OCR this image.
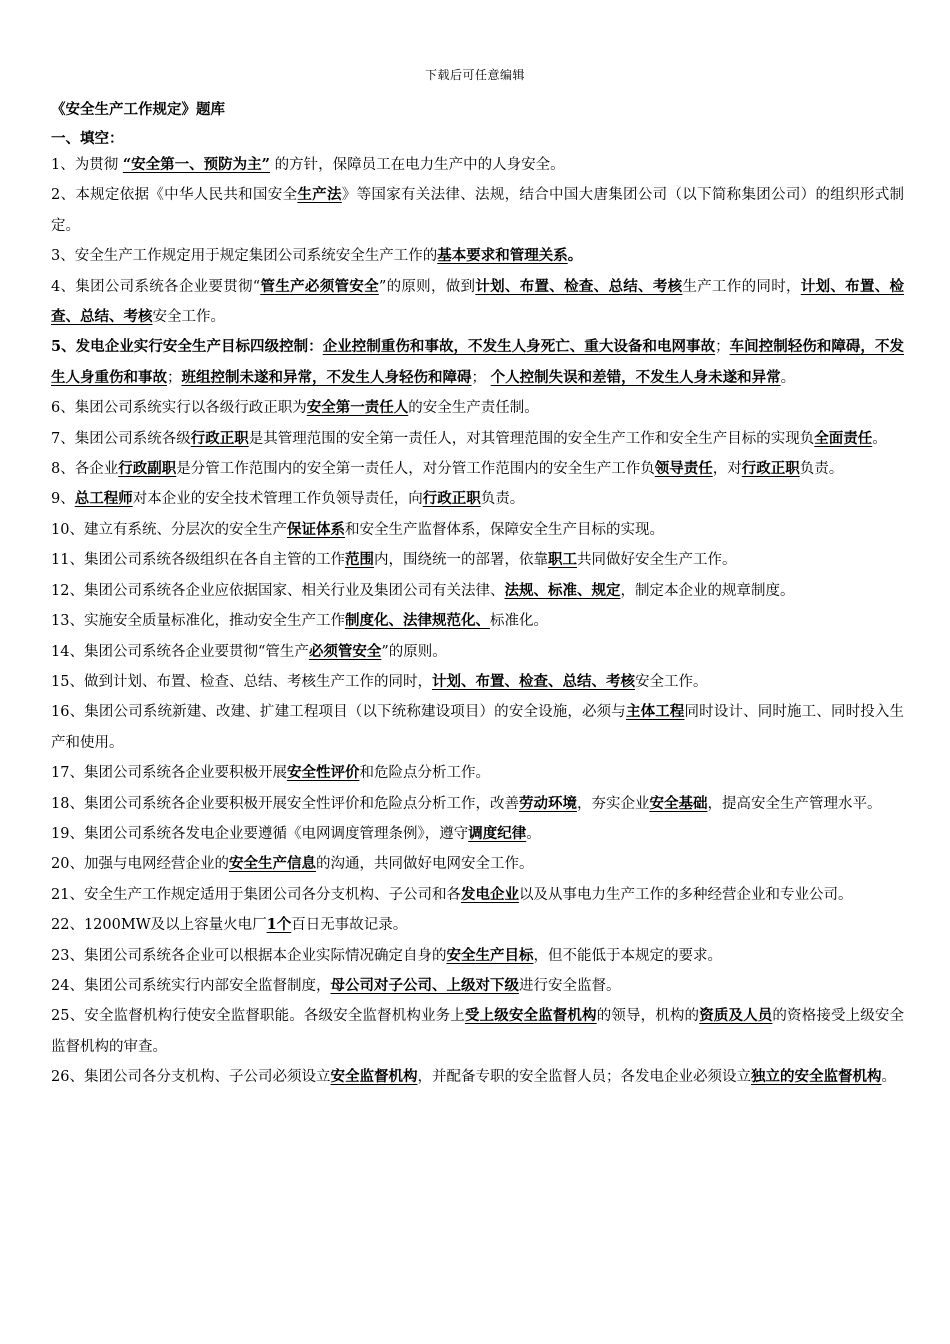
下载后可任意编辑
《安全生产工作规定》题库
一、填空：

1、为贯彻 “安全第一、预防为主” 的方针，保障员工在电力生产中的人身安全。

2、本规定依据《中华人民共和国安全生产法》等国家有关法律、法规，结合中国大唐集团公司（以下简称集团公司）的组织形式制定。

3、安全生产工作规定用于规定集团公司系统安全生产工作的基本要求和管理关系。

4、集团公司系统各企业要贯彻“管生产必须管安全”的原则，做到计划、布置、检查、总结、考核生产工作的同时，计划、布置、检查、总结、考核安全工作。

5、发电企业实行安全生产目标四级控制：企业控制重伤和事故，不发生人身死亡、重大设备和电网事故；车间控制轻伤和障碍，不发生人身重伤和事故；班组控制未遂和异常，不发生人身轻伤和障碍； 个人控制失误和差错，不发生人身未遂和异常。

6、集团公司系统实行以各级行政正职为安全第一责任人的安全生产责任制。

7、集团公司系统各级行政正职是其管理范围的安全第一责任人，对其管理范围的安全生产工作和安全生产目标的实现负全面责任。

8、各企业行政副职是分管工作范围内的安全第一责任人，对分管工作范围内的安全生产工作负领导责任，对行政正职负责。

9、总工程师对本企业的安全技术管理工作负领导责任，向行政正职负责。

10、建立有系统、分层次的安全生产保证体系和安全生产监督体系，保障安全生产目标的实现。

11、集团公司系统各级组织在各自主管的工作范围内，围绕统一的部署，依靠职工共同做好安全生产工作。

12、集团公司系统各企业应依据国家、相关行业及集团公司有关法律、法规、标准、规定，制定本企业的规章制度。

13、实施安全质量标准化，推动安全生产工作制度化、法律规范化、标准化。

14、集团公司系统各企业要贯彻“管生产必须管安全”的原则。

15、做到计划、布置、检查、总结、考核生产工作的同时，计划、布置、检查、总结、考核安全工作。

16、集团公司系统新建、改建、扩建工程项目（以下统称建设项目）的安全设施，必须与主体工程同时设计、同时施工、同时投入生产和使用。

17、集团公司系统各企业要积极开展安全性评价和危险点分析工作。

18、集团公司系统各企业要积极开展安全性评价和危险点分析工作，改善劳动环境，夯实企业安全基础，提高安全生产管理水平。

19、集团公司系统各发电企业要遵循《电网调度管理条例》，遵守调度纪律。

20、加强与电网经营企业的安全生产信息的沟通，共同做好电网安全工作。

21、安全生产工作规定适用于集团公司各分支机构、子公司和各发电企业以及从事电力生产工作的多种经营企业和专业公司。

22、1200MW及以上容量火电厂1个百日无事故记录。

23、集团公司系统各企业可以根据本企业实际情况确定自身的安全生产目标，但不能低于本规定的要求。

24、集团公司系统实行内部安全监督制度，母公司对子公司、上级对下级进行安全监督。

25、安全监督机构行使安全监督职能。各级安全监督机构业务上受上级安全监督机构的领导，机构的资质及人员的资格接受上级安全监督机构的审查。

26、集团公司各分支机构、子公司必须设立安全监督机构，并配备专职的安全监督人员；各发电企业必须设立独立的安全监督机构。
